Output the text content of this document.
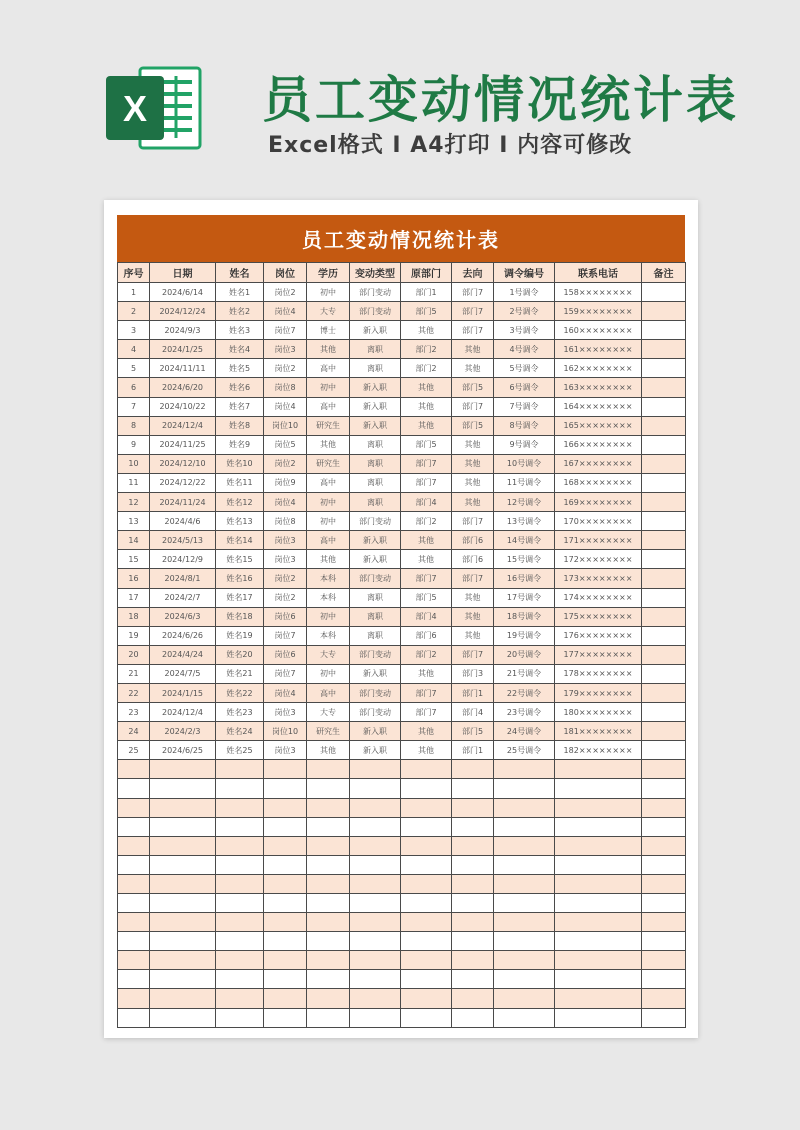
X 员工变动情况统计表
Excel格式 I A4打印 I 内容可修改
员工变动情况统计表
序号	日期	姓名	岗位	学历	变动类型	原部门	去向	调令编号	联系电话	备注
1	2024/6/14	姓名1	岗位2	初中	部门变动	部门1	部门7	1号调令	158××××××××	
2	2024/12/24	姓名2	岗位4	大专	部门变动	部门5	部门7	2号调令	159××××××××	
3	2024/9/3	姓名3	岗位7	博士	新入职	其他	部门7	3号调令	160××××××××	
4	2024/1/25	姓名4	岗位3	其他	离职	部门2	其他	4号调令	161××××××××	
5	2024/11/11	姓名5	岗位2	高中	离职	部门2	其他	5号调令	162××××××××	
6	2024/6/20	姓名6	岗位8	初中	新入职	其他	部门5	6号调令	163××××××××	
7	2024/10/22	姓名7	岗位4	高中	新入职	其他	部门7	7号调令	164××××××××	
8	2024/12/4	姓名8	岗位10	研究生	新入职	其他	部门5	8号调令	165××××××××	
9	2024/11/25	姓名9	岗位5	其他	离职	部门5	其他	9号调令	166××××××××	
10	2024/12/10	姓名10	岗位2	研究生	离职	部门7	其他	10号调令	167××××××××	
11	2024/12/22	姓名11	岗位9	高中	离职	部门7	其他	11号调令	168××××××××	
12	2024/11/24	姓名12	岗位4	初中	离职	部门4	其他	12号调令	169××××××××	
13	2024/4/6	姓名13	岗位8	初中	部门变动	部门2	部门7	13号调令	170××××××××	
14	2024/5/13	姓名14	岗位3	高中	新入职	其他	部门6	14号调令	171××××××××	
15	2024/12/9	姓名15	岗位3	其他	新入职	其他	部门6	15号调令	172××××××××	
16	2024/8/1	姓名16	岗位2	本科	部门变动	部门7	部门7	16号调令	173××××××××	
17	2024/2/7	姓名17	岗位2	本科	离职	部门5	其他	17号调令	174××××××××	
18	2024/6/3	姓名18	岗位6	初中	离职	部门4	其他	18号调令	175××××××××	
19	2024/6/26	姓名19	岗位7	本科	离职	部门6	其他	19号调令	176××××××××	
20	2024/4/24	姓名20	岗位6	大专	部门变动	部门2	部门7	20号调令	177××××××××	
21	2024/7/5	姓名21	岗位7	初中	新入职	其他	部门3	21号调令	178××××××××	
22	2024/1/15	姓名22	岗位4	高中	部门变动	部门7	部门1	22号调令	179××××××××	
23	2024/12/4	姓名23	岗位3	大专	部门变动	部门7	部门4	23号调令	180××××××××	
24	2024/2/3	姓名24	岗位10	研究生	新入职	其他	部门5	24号调令	181××××××××	
25	2024/6/25	姓名25	岗位3	其他	新入职	其他	部门1	25号调令	182××××××××	
